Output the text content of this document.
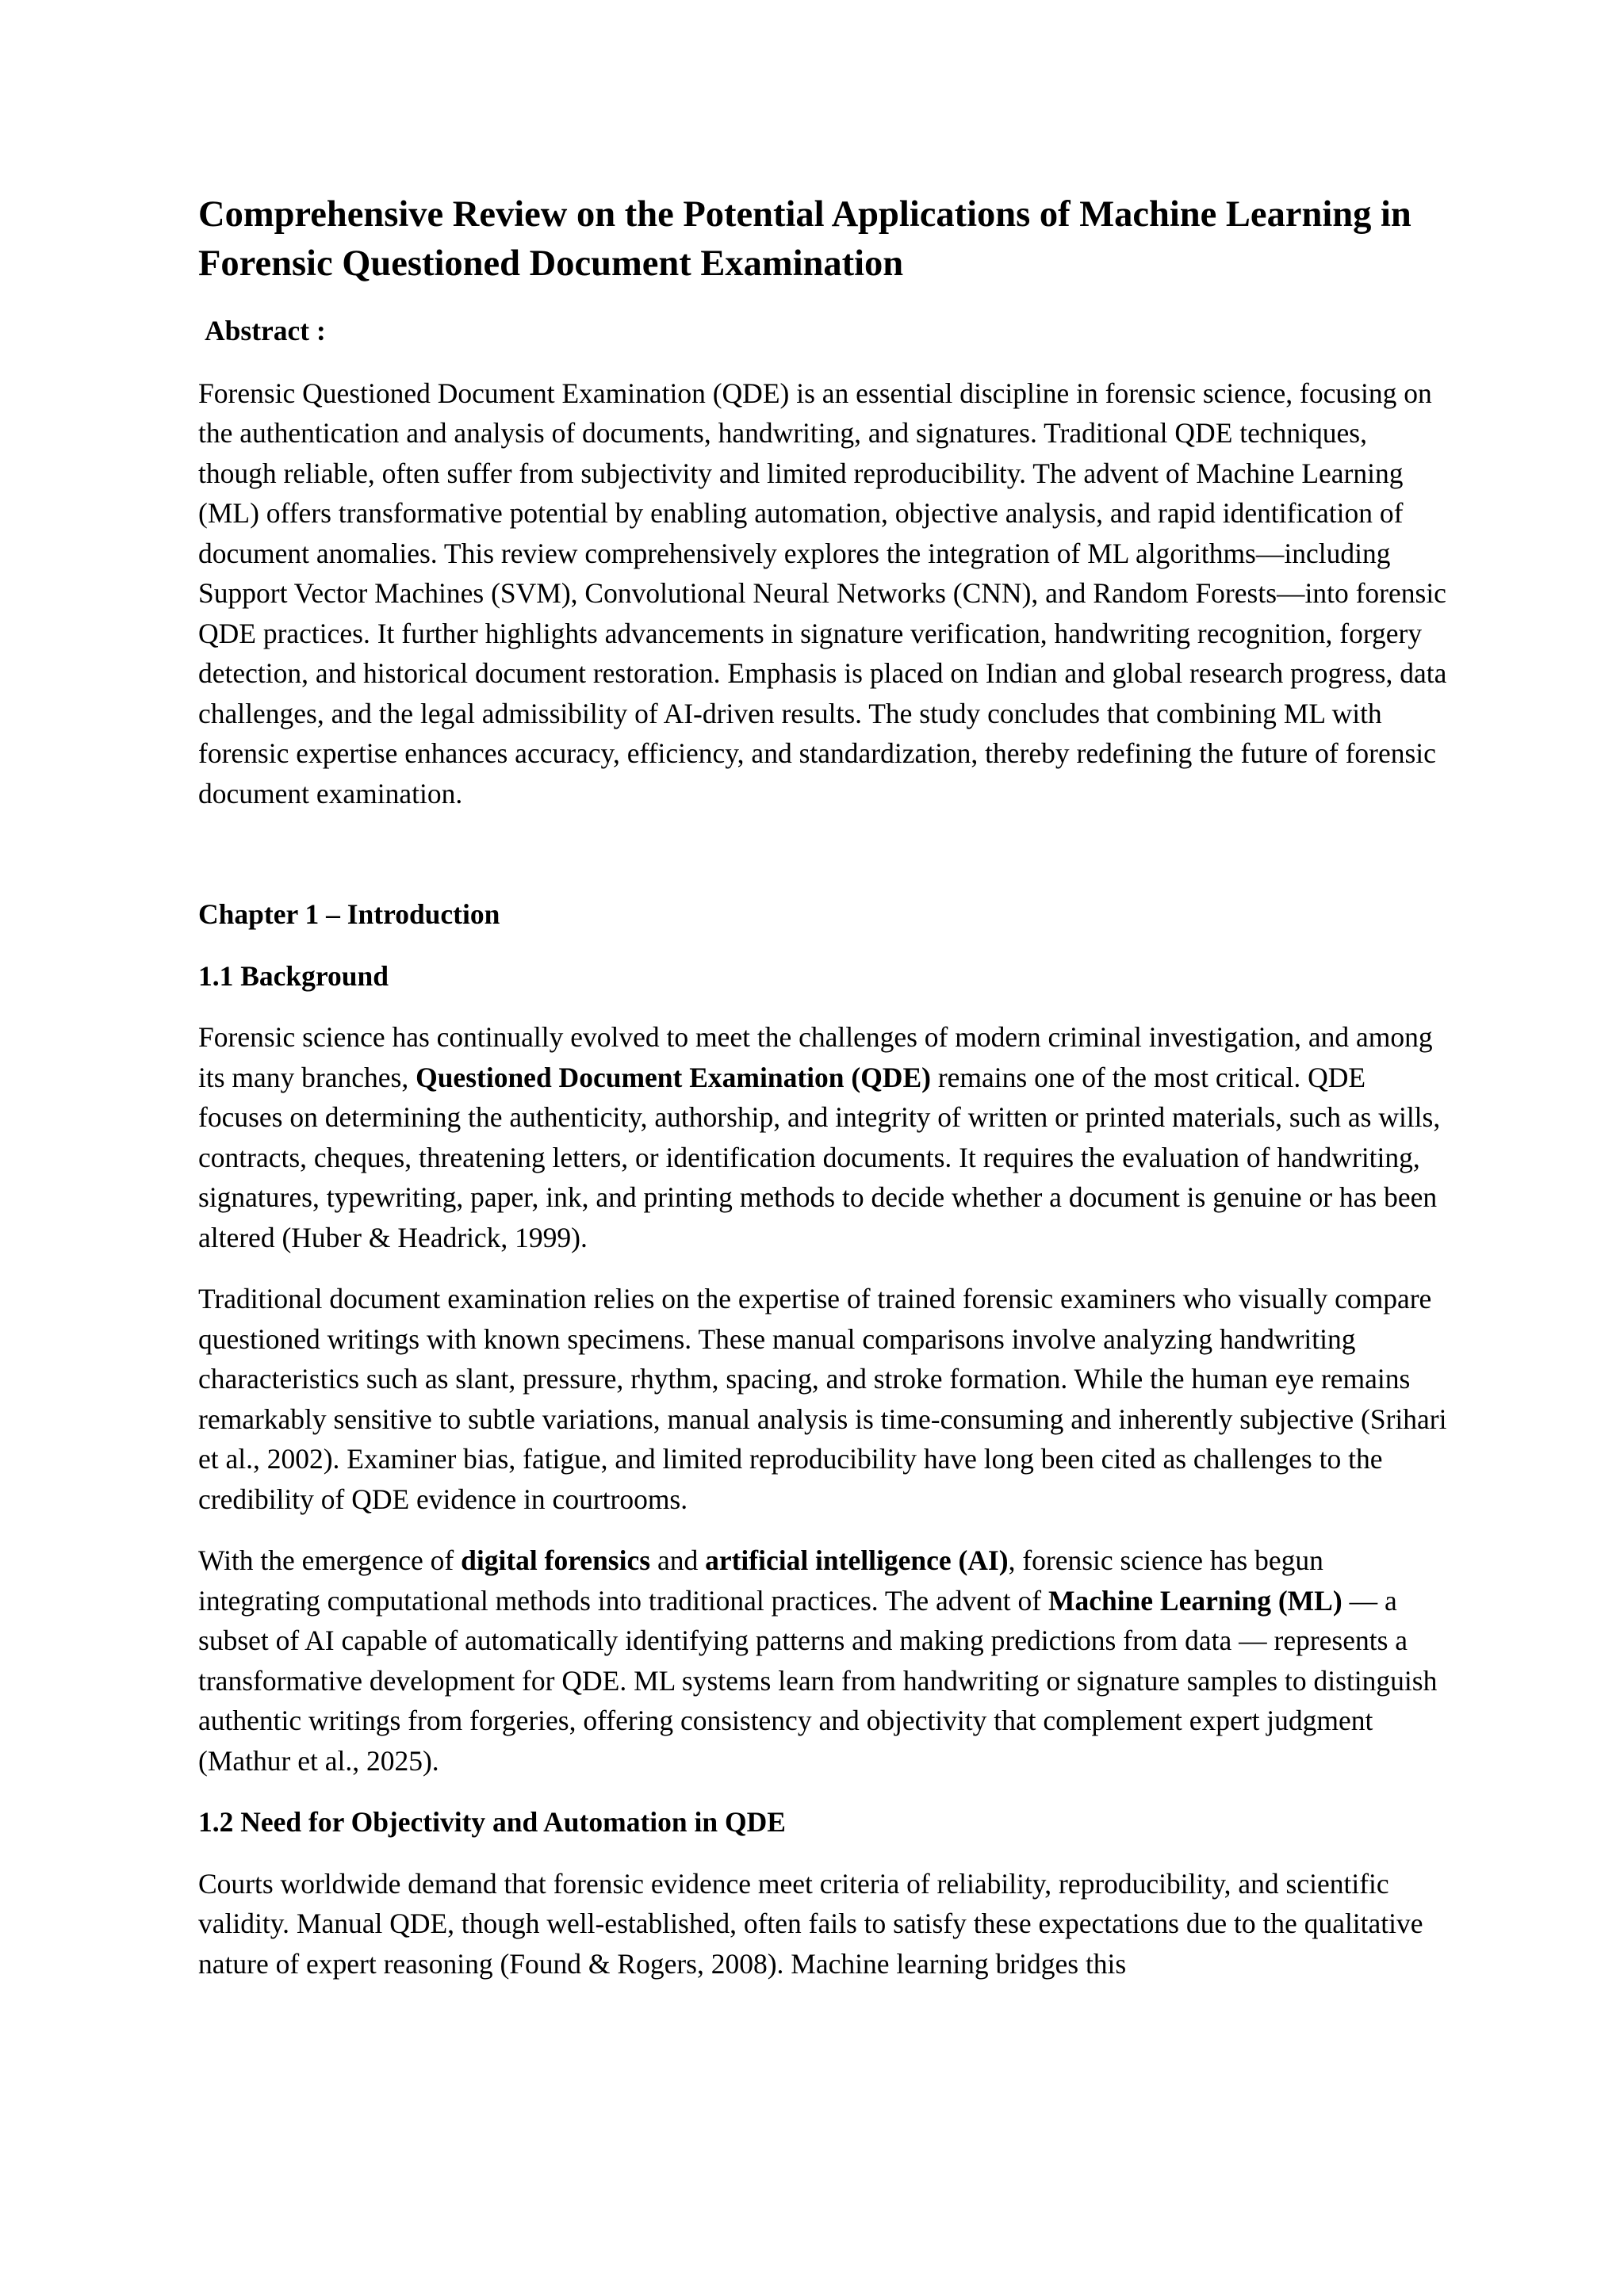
Comprehensive Review on the Potential Applications of Machine Learning in Forensic Questioned Document Examination
Abstract :

Forensic Questioned Document Examination (QDE) is an essential discipline in forensic science, focusing on the authentication and analysis of documents, handwriting, and signatures. Traditional QDE techniques, though reliable, often suffer from subjectivity and limited reproducibility. The advent of Machine Learning (ML) offers transformative potential by enabling automation, objective analysis, and rapid identification of document anomalies. This review comprehensively explores the integration of ML algorithms—including Support Vector Machines (SVM), Convolutional Neural Networks (CNN), and Random Forests—into forensic QDE practices. It further highlights advancements in signature verification, handwriting recognition, forgery detection, and historical document restoration. Emphasis is placed on Indian and global research progress, data challenges, and the legal admissibility of AI-driven results. The study concludes that combining ML with forensic expertise enhances accuracy, efficiency, and standardization, thereby redefining the future of forensic document examination.

Chapter 1 – Introduction
1.1 Background

Forensic science has continually evolved to meet the challenges of modern criminal investigation, and among its many branches, Questioned Document Examination (QDE) remains one of the most critical. QDE focuses on determining the authenticity, authorship, and integrity of written or printed materials, such as wills, contracts, cheques, threatening letters, or identification documents. It requires the evaluation of handwriting, signatures, typewriting, paper, ink, and printing methods to decide whether a document is genuine or has been altered (Huber & Headrick, 1999).

Traditional document examination relies on the expertise of trained forensic examiners who visually compare questioned writings with known specimens. These manual comparisons involve analyzing handwriting characteristics such as slant, pressure, rhythm, spacing, and stroke formation. While the human eye remains remarkably sensitive to subtle variations, manual analysis is time-consuming and inherently subjective (Srihari et al., 2002). Examiner bias, fatigue, and limited reproducibility have long been cited as challenges to the credibility of QDE evidence in courtrooms.

With the emergence of digital forensics and artificial intelligence (AI), forensic science has begun integrating computational methods into traditional practices. The advent of Machine Learning (ML) — a subset of AI capable of automatically identifying patterns and making predictions from data — represents a transformative development for QDE. ML systems learn from handwriting or signature samples to distinguish authentic writings from forgeries, offering consistency and objectivity that complement expert judgment (Mathur et al., 2025).

1.2 Need for Objectivity and Automation in QDE

Courts worldwide demand that forensic evidence meet criteria of reliability, reproducibility, and scientific validity. Manual QDE, though well-established, often fails to satisfy these expectations due to the qualitative nature of expert reasoning (Found & Rogers, 2008). Machine learning bridges this
